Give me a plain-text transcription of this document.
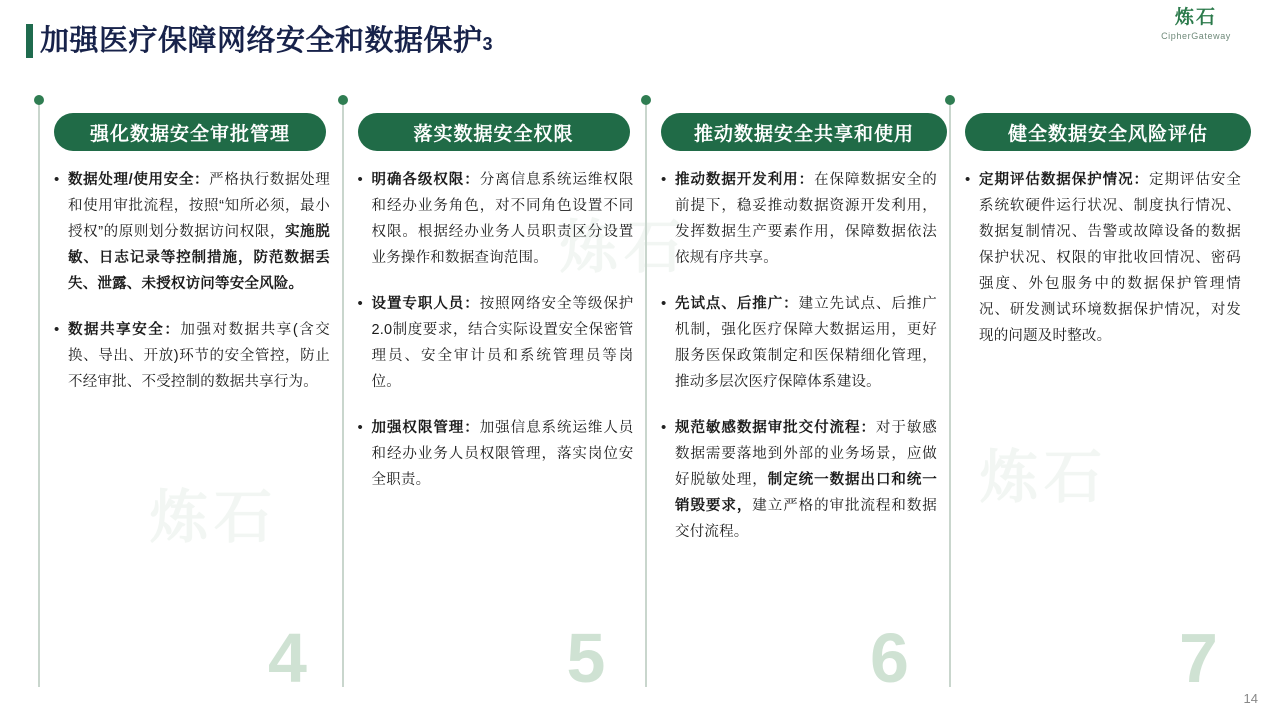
炼石
炼石
炼石
加强医疗保障网络安全和数据保护 3
炼石
CipherGateway
强化数据安全审批管理
• 数据处理/使用安全：严格执行数据处理和使用审批流程，按照“知所必须，最小授权”的原则划分数据访问权限，实施脱敏、日志记录等控制措施，防范数据丢失、泄露、未授权访问等安全风险。
• 数据共享安全：加强对数据共享(含交换、导出、开放)环节的安全管控，防止不经审批、不受控制的数据共享行为。
4
落实数据安全权限
• 明确各级权限：分离信息系统运维权限和经办业务角色，对不同角色设置不同权限。根据经办业务人员职责区分设置业务操作和数据查询范围。
• 设置专职人员：按照网络安全等级保护2.0制度要求，结合实际设置安全保密管理员、安全审计员和系统管理员等岗位。
• 加强权限管理：加强信息系统运维人员和经办业务人员权限管理，落实岗位安全职责。
5
推动数据安全共享和使用
• 推动数据开发利用：在保障数据安全的前提下，稳妥推动数据资源开发利用，发挥数据生产要素作用，保障数据依法依规有序共享。
• 先试点、后推广：建立先试点、后推广机制，强化医疗保障大数据运用，更好服务医保政策制定和医保精细化管理，推动多层次医疗保障体系建设。
• 规范敏感数据审批交付流程：对于敏感数据需要落地到外部的业务场景，应做好脱敏处理，制定统一数据出口和统一销毁要求，建立严格的审批流程和数据交付流程。
6
健全数据安全风险评估
• 定期评估数据保护情况：定期评估安全系统软硬件运行状况、制度执行情况、数据复制情况、告警或故障设备的数据保护状况、权限的审批收回情况、密码强度、外包服务中的数据保护管理情况、研发测试环境数据保护情况，对发现的问题及时整改。
7
14
